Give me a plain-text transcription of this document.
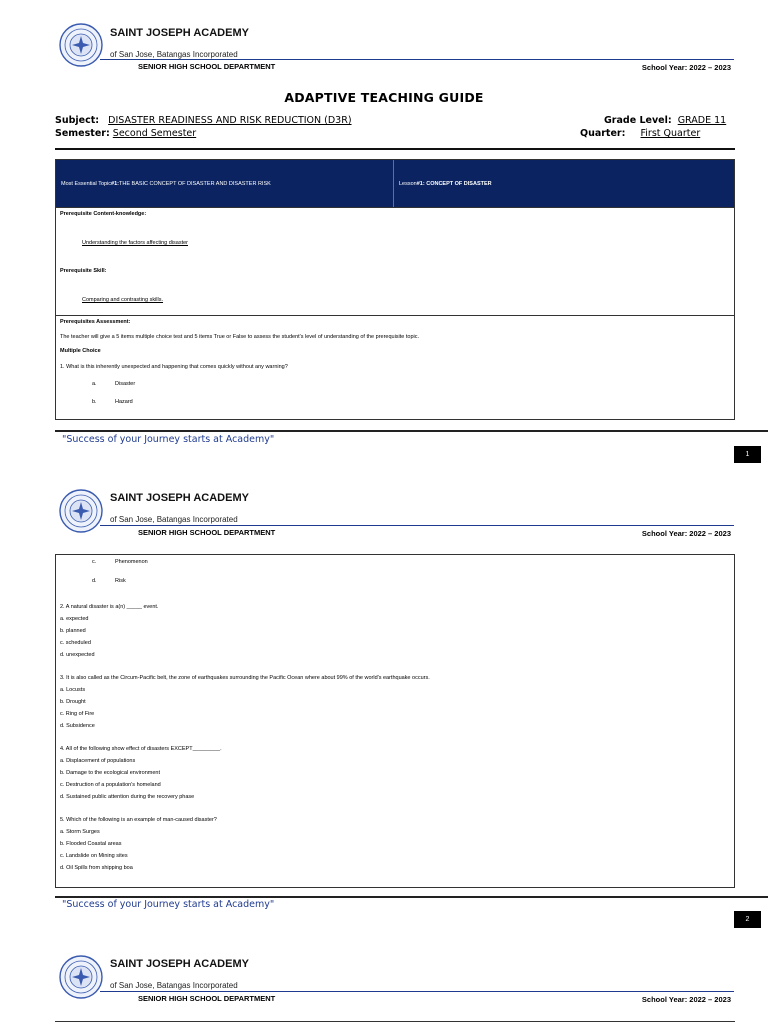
SAINT JOSEPH ACADEMY
of San Jose, Batangas Incorporated
SENIOR HIGH SCHOOL DEPARTMENT	School Year: 2022 – 2023
ADAPTIVE TEACHING GUIDE
Subject: DISASTER READINESS AND RISK REDUCTION (D3R)
Semester: Second Semester
Grade Level: GRADE 11
Quarter: First Quarter
Most Essential Topic #1: THE BASIC CONCEPT OF DISASTER AND DISASTER RISK	Lesson #1: CONCEPT OF DISASTER
Prerequisite Content-knowledge:
Understanding the factors affecting disaster
Prerequisite Skill:
Comparing and contrasting skills.
Prerequisites Assessment:
The teacher will give a 5 items multiple choice test and 5 items True or False to assess the student's level of understanding of the prerequisite topic.
Multiple Choice
1. What is this inherently unexpected and happening that comes quickly without any warning?
a.	Disaster
b.	Hazard
"Success of your Journey starts at Academy"
1
SAINT JOSEPH ACADEMY
of San Jose, Batangas Incorporated
SENIOR HIGH SCHOOL DEPARTMENT	School Year: 2022 – 2023
c.	Phenomenon
d.	Risk
2. A natural disaster is a(n) _____ event.
a. expected
b. planned
c. scheduled
d. unexpected
3. It is also called as the Circum-Pacific belt, the zone of earthquakes surrounding the Pacific Ocean where about 99% of the world's earthquake occurs.
a. Locusts
b. Drought
c. Ring of Fire
d. Subsidence
4. All of the following show effect of disasters EXCEPT_________.
a. Displacement of populations
b. Damage to the ecological environment
c. Destruction of a population's homeland
d. Sustained public attention during the recovery phase
5. Which of the following is an example of man-caused disaster?
a. Storm Surges
b. Flooded Coastal areas
c. Landslide on Mining sites
d. Oil Spills from shipping boa
"Success of your Journey starts at Academy"
2
SAINT JOSEPH ACADEMY
of San Jose, Batangas Incorporated
SENIOR HIGH SCHOOL DEPARTMENT	School Year: 2022 – 2023
